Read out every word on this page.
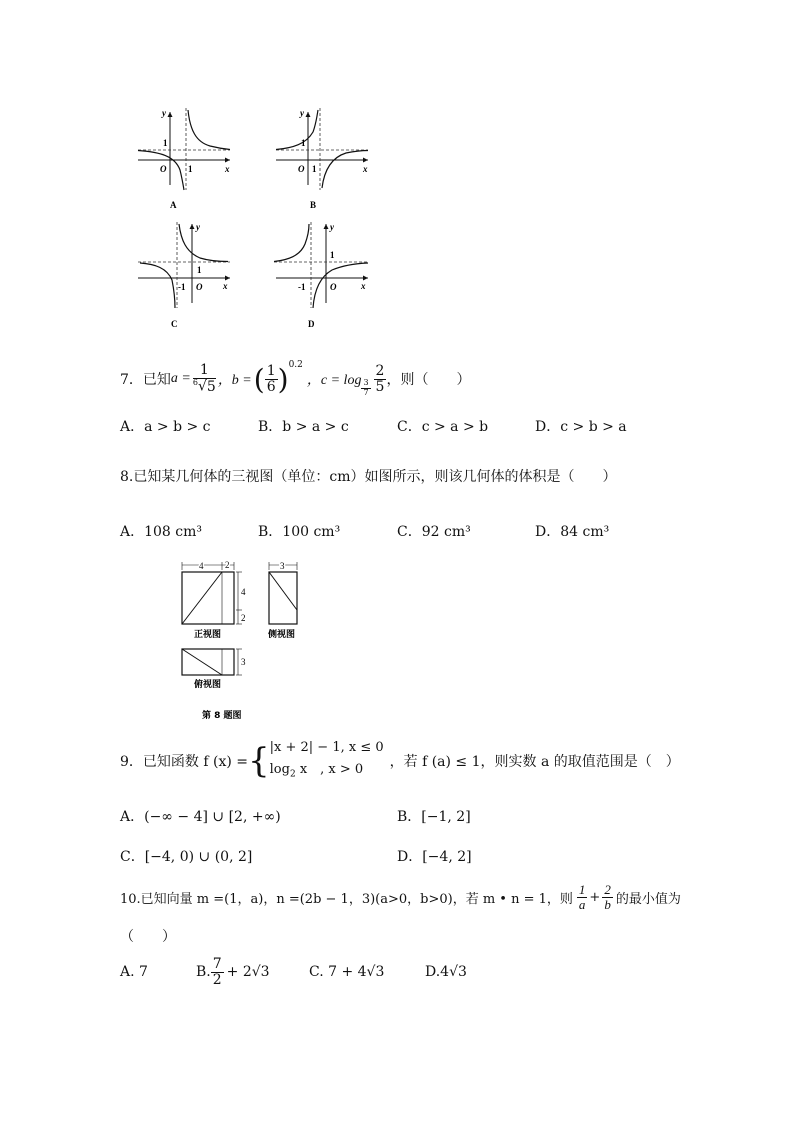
y
x
O
1
1
A
y
x
O
1
1
B
y
x
O
1
-1
C
y
x
O
1
-1
D
7．已知 $a = \frac{1}{^6√5}$ ，b = ( $\frac{1}{6} )^{0.2}$
，$c = \log \frac{3}{7} \frac{2}{5}$ ，则（　　）
A．a > b > c	B．b > a > c	C．c > a > b	D．c > b > a
8.已知某几何体的三视图（单位：cm）如图所示，则该几何体的体积是（　　）
A．108 cm³	B．100 cm³	C．92 cm³	D．84 cm³
4 2
4
2
正视图
3
侧视图
3
俯视图
第 8 题图
9．已知函数 f (x) = { |x + 2| − 1, x ≤ 0
$\log_2 x$　, x > 0	，若 f (a) ≤ 1，则实数 a 的取值范围是（　）
A．(−∞ − 4] ∪ [2, +∞)	B．[−1, 2]
C．[−4, 0) ∪ (0, 2]	D．[−4, 2]
10.已知向量 m =(1，a)，n =(2b − 1，3)(a>0，b>0)，若 m • n = 1，则 $\frac{1}{a} + \frac{2}{b}$ 的最小值为
（　　）
A. 7	B. $\frac{7}{2} + 2√3$	C. 7 + 4√3	D.4√3
